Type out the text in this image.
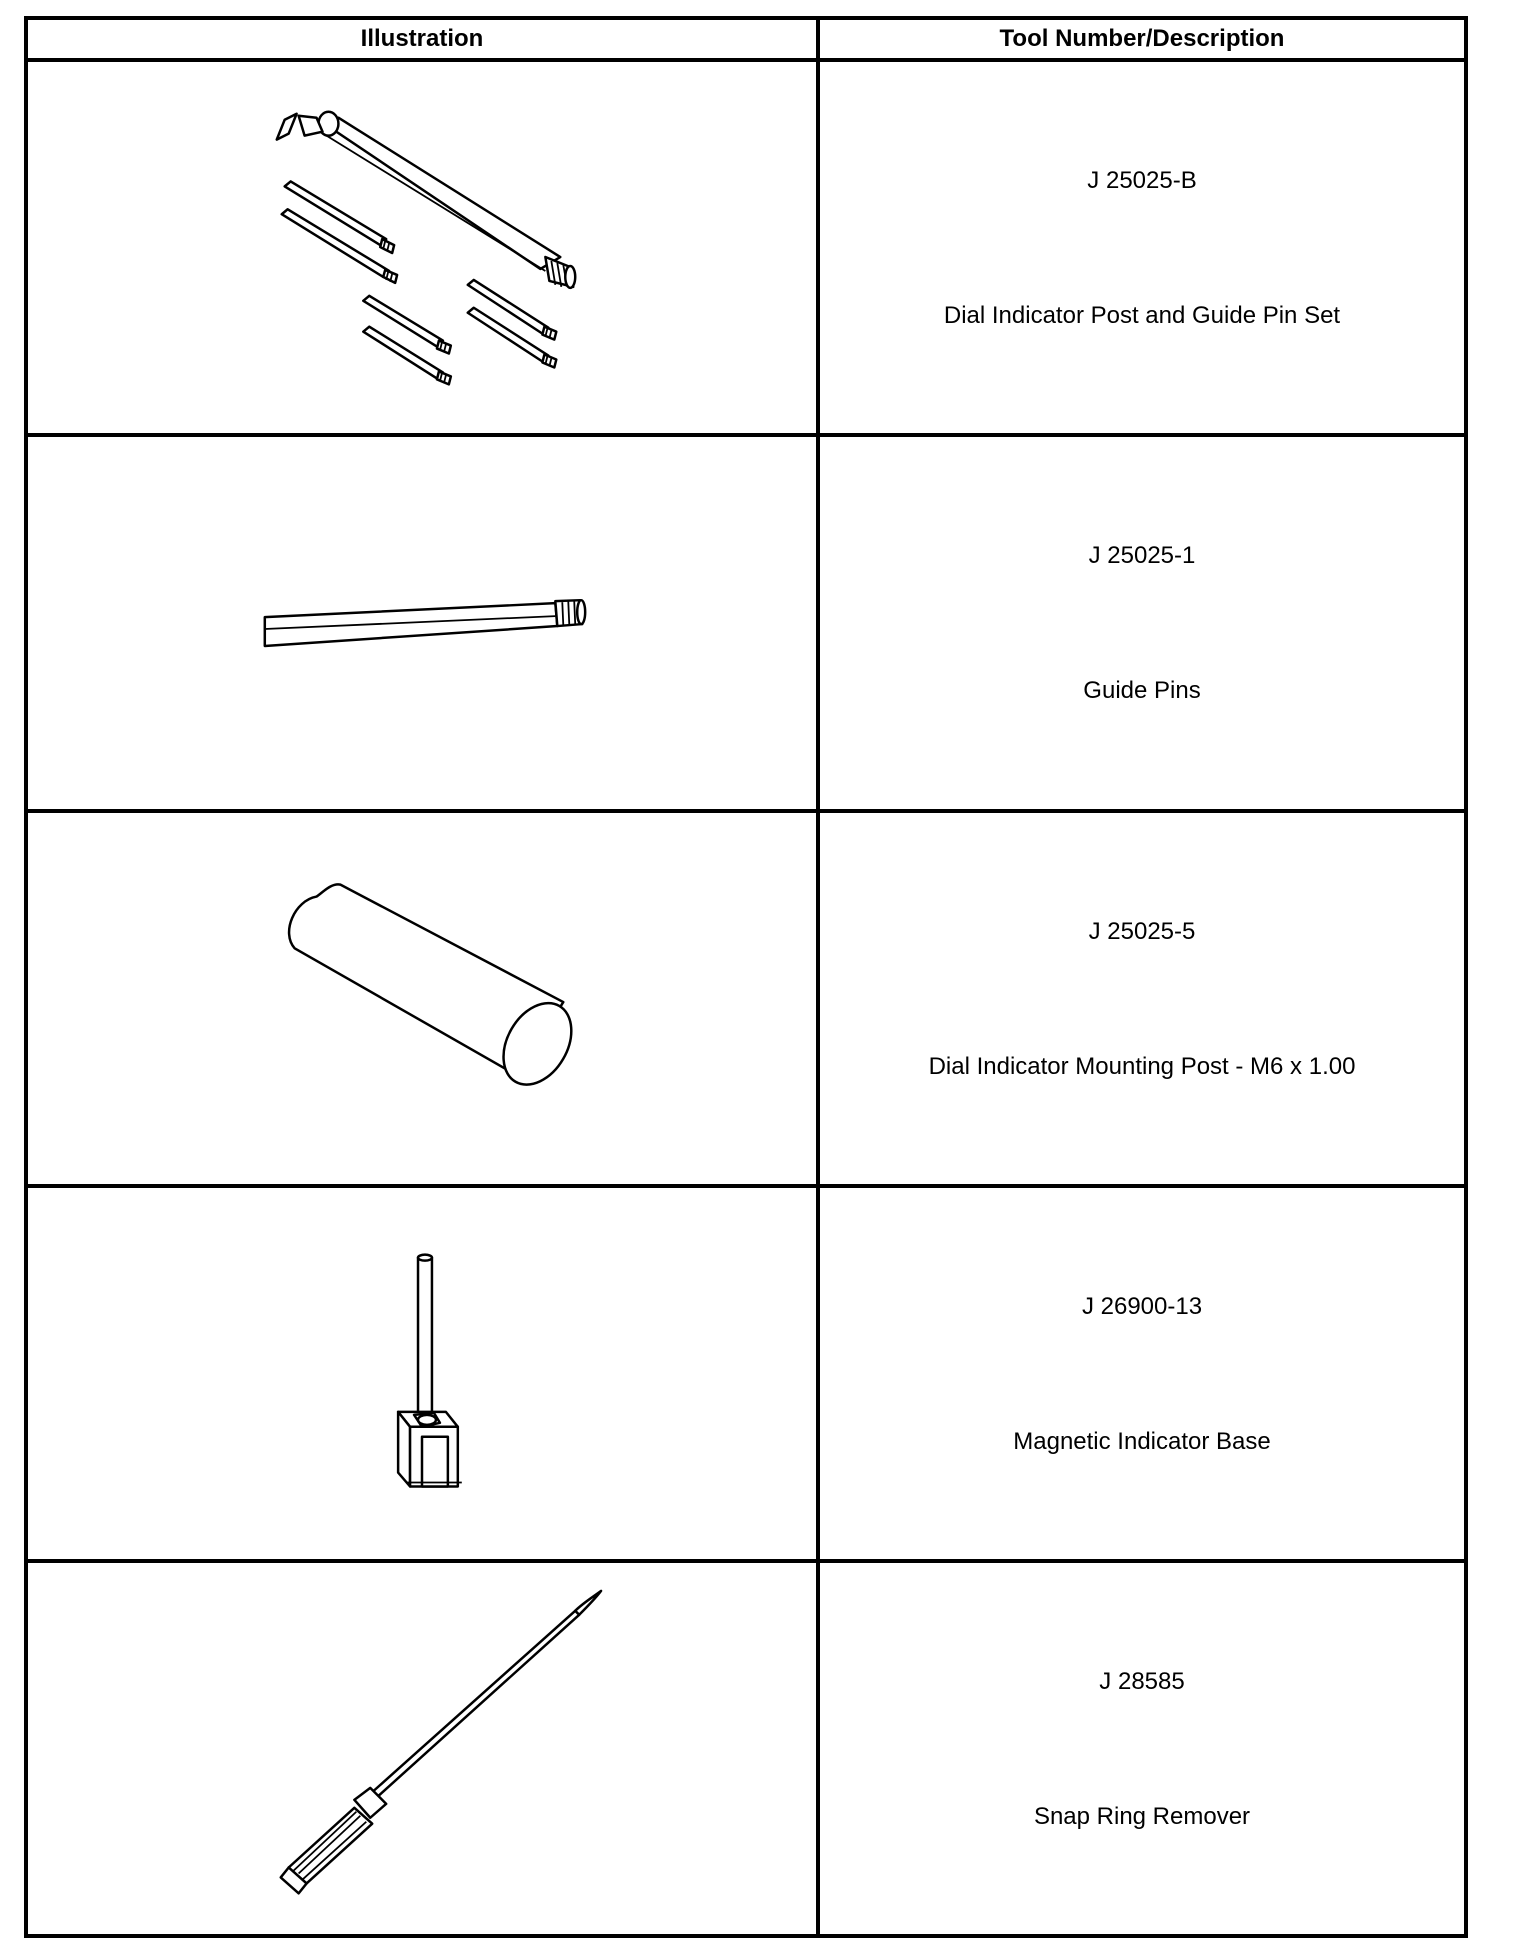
Illustration	Tool Number/Description

J 25025-B
Dial Indicator Post and Guide Pin Set

J 25025-1
Guide Pins

J 25025-5
Dial Indicator Mounting Post - M6 x 1.00

J 26900-13
Magnetic Indicator Base

J 28585
Snap Ring Remover
